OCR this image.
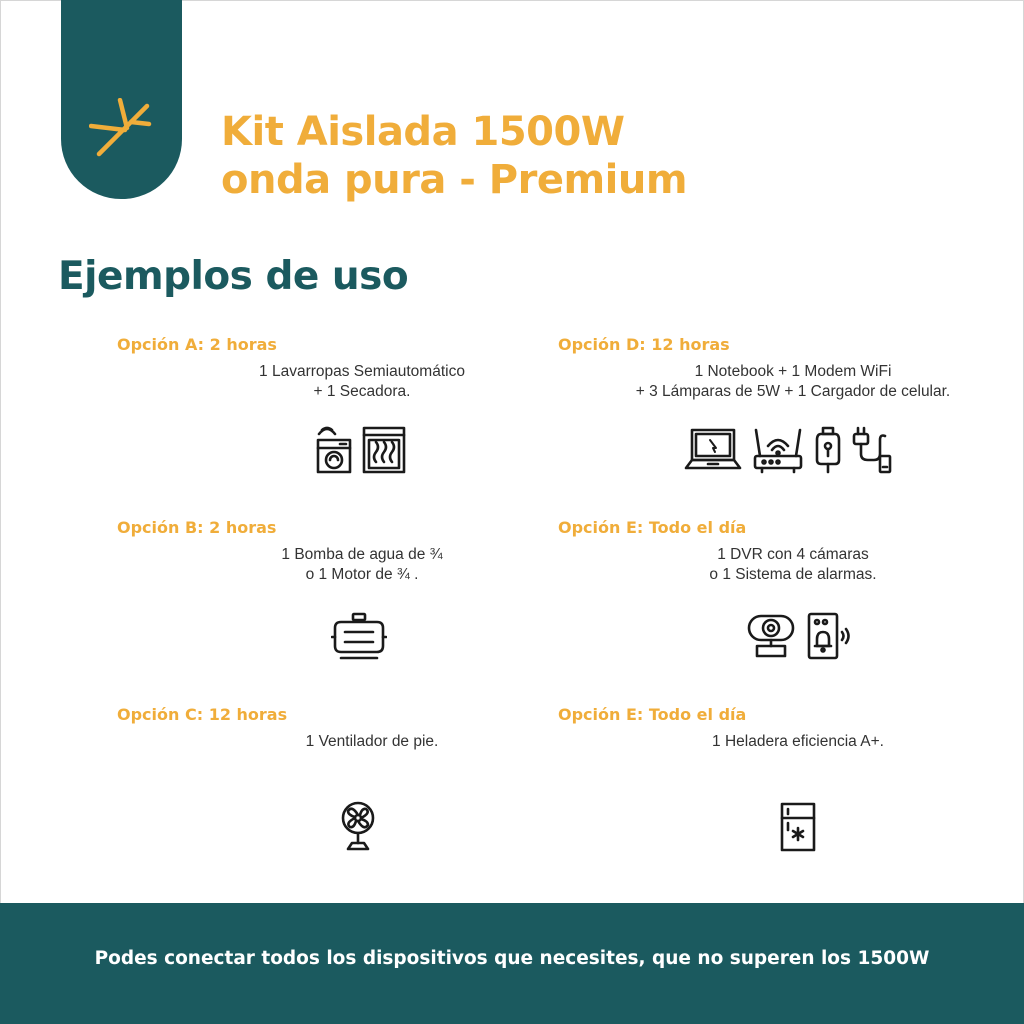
Kit Aislada 1500W
onda pura - Premium
Ejemplos de uso
Opción A: 2 horas
1 Lavarropas Semiautomático
+ 1 Secadora.
Opción B: 2 horas
1 Bomba de agua de ¾
o 1 Motor de ¾ .
Opción C: 12 horas
1 Ventilador de pie.
Opción D: 12 horas
1 Notebook + 1 Modem WiFi
+ 3 Lámparas de 5W + 1 Cargador de celular.
Opción E: Todo el día
1 DVR con 4 cámaras
o 1 Sistema de alarmas.
Opción E: Todo el día
1 Heladera eficiencia A+.
Podes conectar todos los dispositivos que necesites, que no superen los 1500W
